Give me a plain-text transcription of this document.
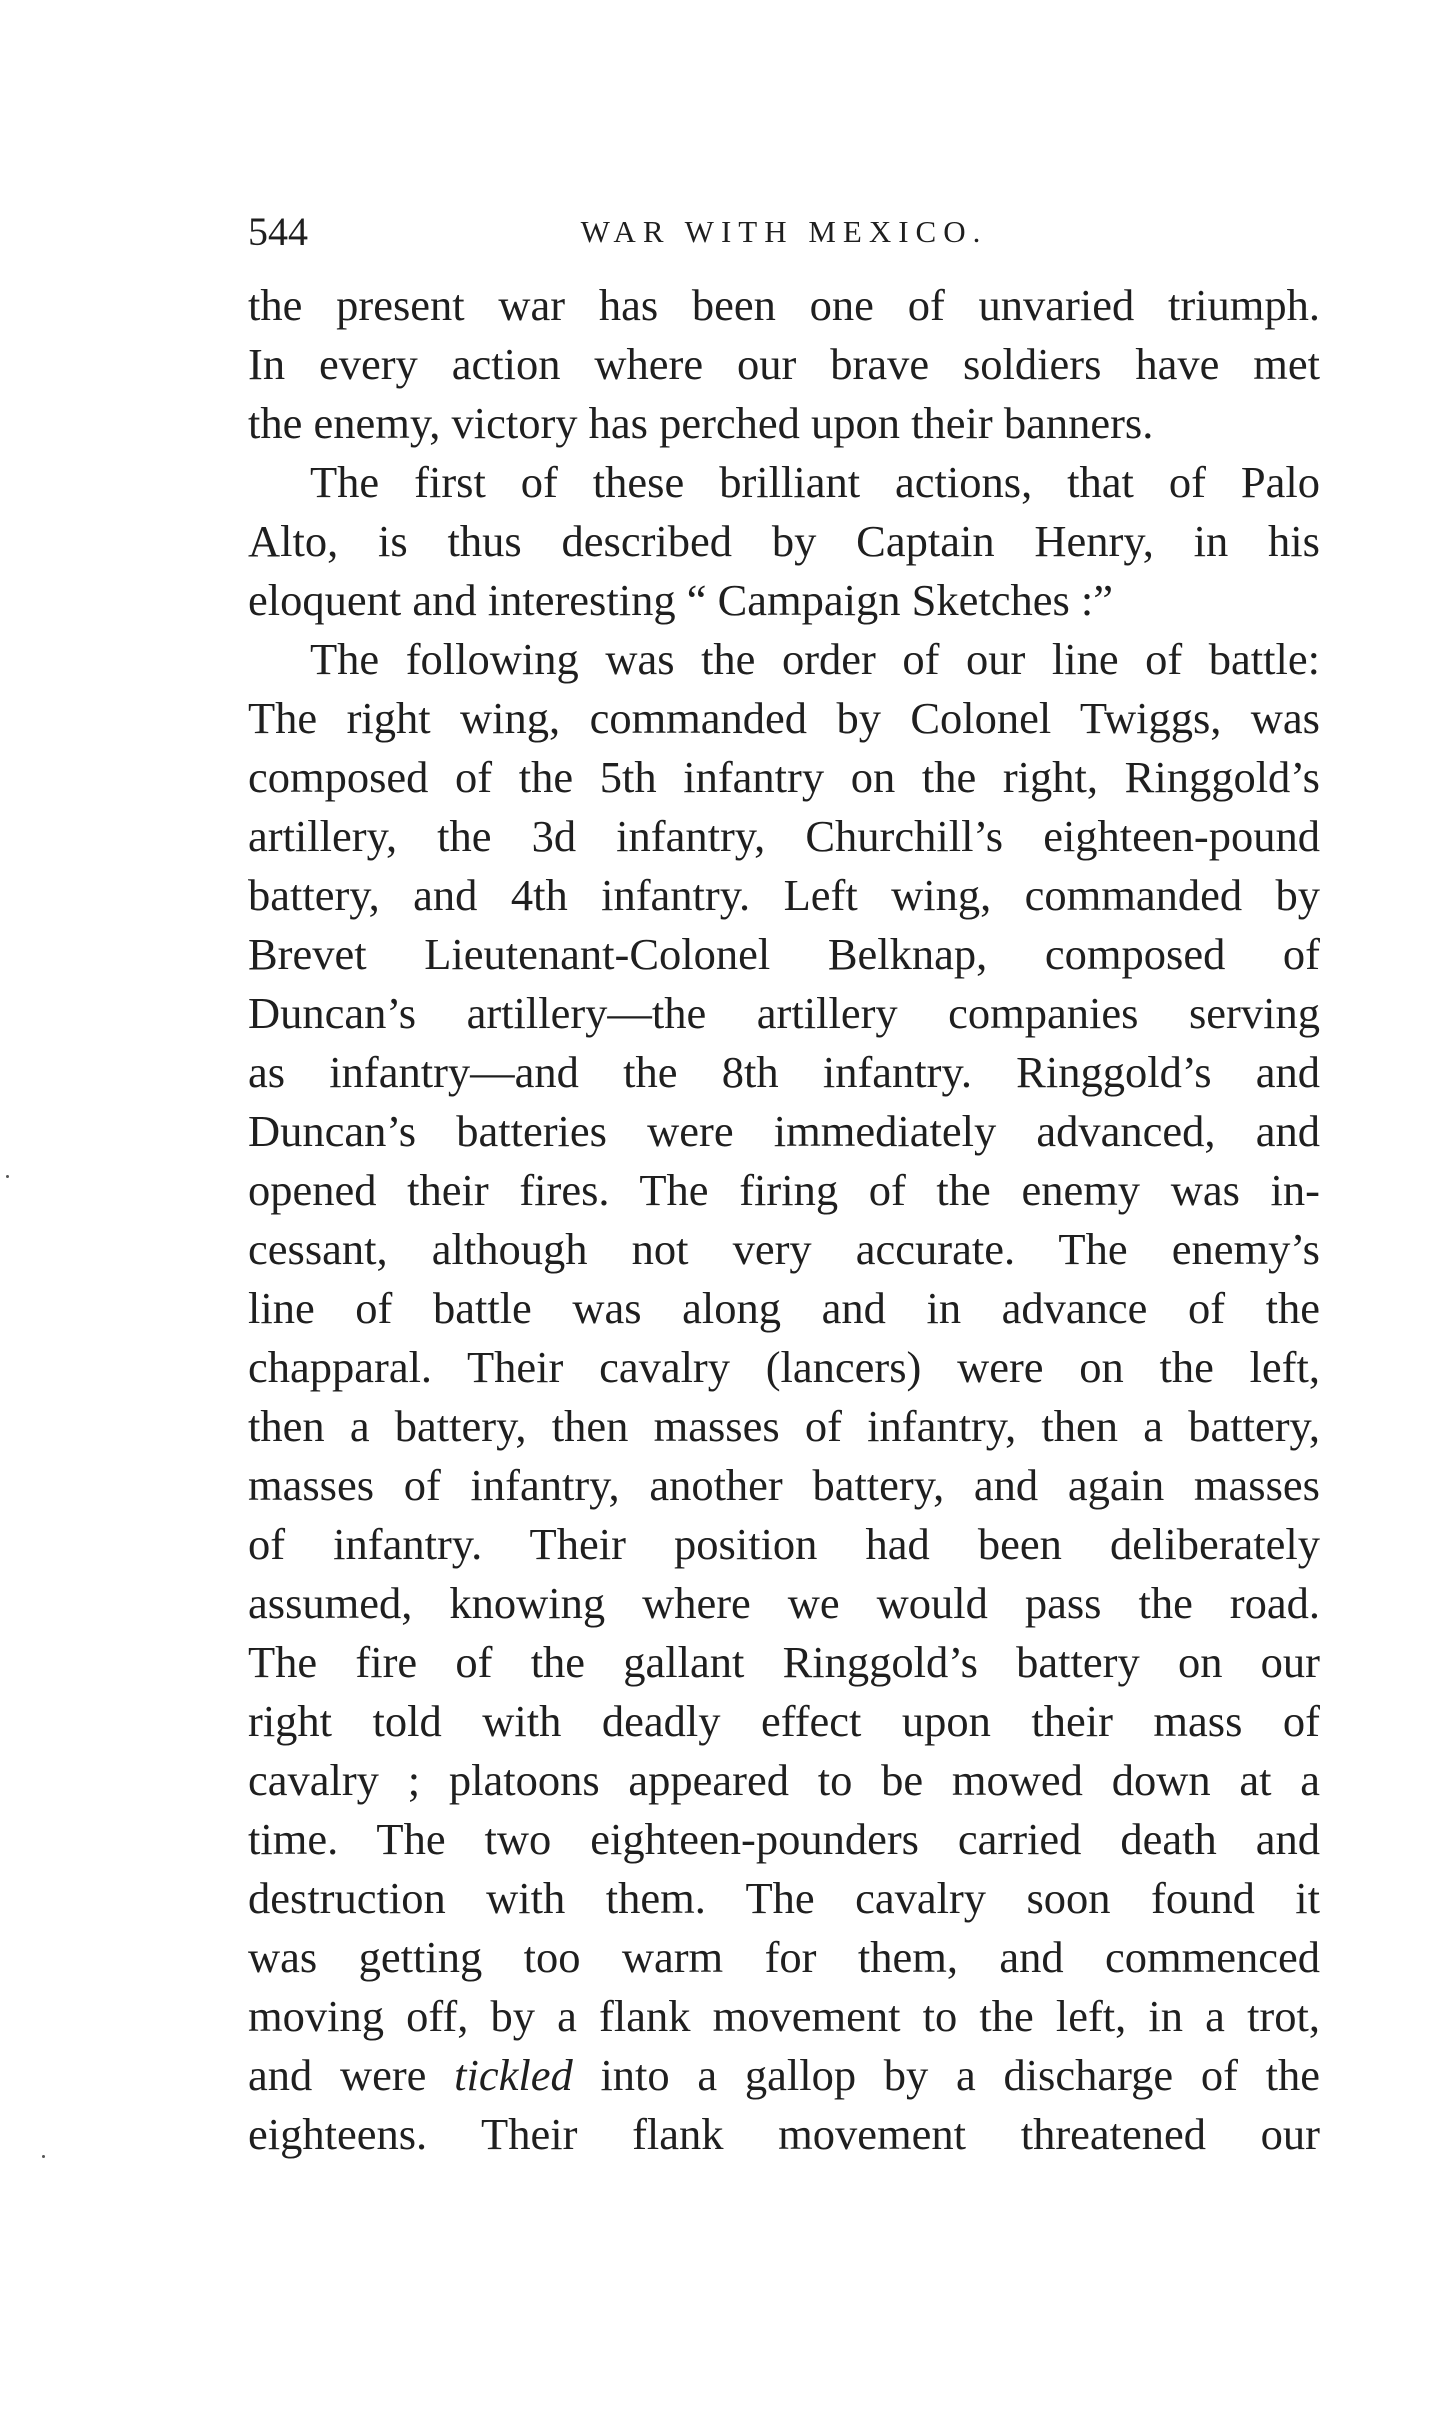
544	WAR WITH MEXICO.
the present war has been one of unvaried triumph.
In every action where our brave soldiers have met
the enemy, victory has perched upon their banners.
The first of these brilliant actions, that of Palo
Alto, is thus described by Captain Henry, in his
eloquent and interesting “ Campaign Sketches :”
The following was the order of our line of battle:
The right wing, commanded by Colonel Twiggs, was
composed of the 5th infantry on the right, Ringgold’s
artillery, the 3d infantry, Churchill’s eighteen-pound
battery, and 4th infantry. Left wing, commanded by
Brevet Lieutenant-Colonel Belknap, composed of
Duncan’s artillery—the artillery companies serving
as infantry—and the 8th infantry. Ringgold’s and
Duncan’s batteries were immediately advanced, and
opened their fires. The firing of the enemy was in-
cessant, although not very accurate. The enemy’s
line of battle was along and in advance of the
chapparal. Their cavalry (lancers) were on the left,
then a battery, then masses of infantry, then a battery,
masses of infantry, another battery, and again masses
of infantry. Their position had been deliberately
assumed, knowing where we would pass the road.
The fire of the gallant Ringgold’s battery on our
right told with deadly effect upon their mass of
cavalry ; platoons appeared to be mowed down at a
time. The two eighteen-pounders carried death and
destruction with them. The cavalry soon found it
was getting too warm for them, and commenced
moving off, by a flank movement to the left, in a trot,
and were tickled into a gallop by a discharge of the
eighteens. Their flank movement threatened our
